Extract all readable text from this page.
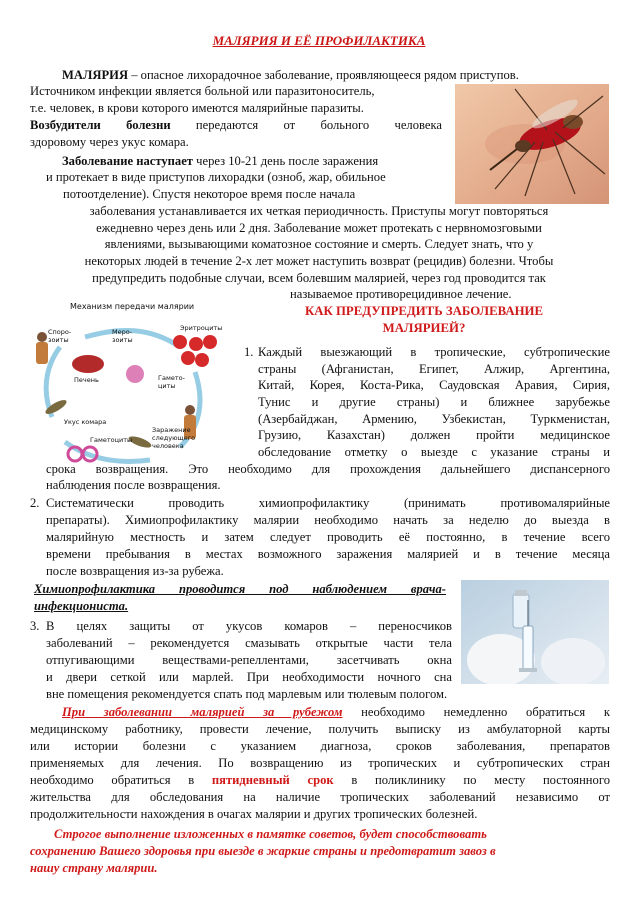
МАЛЯРИЯ И ЕЁ ПРОФИЛАКТИКА
МАЛЯРИЯ – опасное лихорадочное заболевание, проявляющееся рядом приступов.
Источником инфекции является больной или паразитоноситель,
т.е. человек, в крови которого имеются малярийные паразиты.
Возбудители болезни передаются от больного человека
здоровому через укус комара.
Заболевание наступает через 10-21 день после заражения
и протекает в виде приступов лихорадки (озноб, жар, обильное
потоотделение). Спустя некоторое время после начала
заболевания устанавливается их четкая периодичность. Приступы могут повторяться
ежедневно через день или 2 дня. Заболевание может протекать с нервномозговыми
явлениями, вызывающими коматозное состояние и смерть. Следует знать, что у
некоторых людей в течение 2-х лет может наступить возврат (рецидив) болезни. Чтобы
предупредить подобные случаи, всем болевшим малярией, через год проводится так
называемое противорецидивное лечение.
Механизм передачи малярии
Споро-зоиты
Печень
Меро-зоиты
Эритроциты
Гамето-циты
Укус комара
Заражение следующего человека
Гаметоциты
КАК ПРЕДУПРЕДИТЬ ЗАБОЛЕВАНИЕ
МАЛЯРИЕЙ?
1. Каждый выезжающий в тропические, субтропические
страны (Афганистан, Египет, Алжир, Аргентина,
Китай, Корея, Коста-Рика, Саудовская Аравия, Сирия,
Тунис и другие страны) и ближнее зарубежье
(Азербайджан, Армению, Узбекистан, Туркменистан,
Грузию, Казахстан) должен пройти медицинское
обследование отметку о выезде с указание страны и
срока возвращения. Это необходимо для прохождения дальнейшего диспансерного
наблюдения после возвращения.
2. Систематически проводить химиопрофилактику (принимать противомалярийные
препараты). Химиопрофилактику малярии необходимо начать за неделю до выезда в
малярийную местность и затем следует проводить её постоянно, в течение всего
времени пребывания в местах возможного заражения малярией и в течение месяца
после возвращения из-за рубежа.
Химиопрофилактика проводится под наблюдением врача-
инфекциониста.
3. В целях защиты от укусов комаров – переносчиков
заболеваний – рекомендуется смазывать открытые части тела
отпугивающими веществами-репеллентами, засетчивать окна
и двери сеткой или марлей. При необходимости ночного сна
вне помещения рекомендуется спать под марлевым или тюлевым пологом.
При заболевании малярией за рубежом необходимо немедленно обратиться к
медицинскому работнику, провести лечение, получить выписку из амбулаторной карты
или истории болезни с указанием диагноза, сроков заболевания, препаратов
применяемых для лечения. По возвращению из тропических и субтропических стран
необходимо обратиться в пятидневный срок в поликлинику по месту постоянного
жительства для обследования на наличие тропических заболеваний независимо от
продолжительности нахождения в очагах малярии и других тропических болезней.
Строгое выполнение изложенных в памятке советов, будет способствовать
сохранению Вашего здоровья при выезде в жаркие страны и предотвратит завоз в
нашу страну малярии.
